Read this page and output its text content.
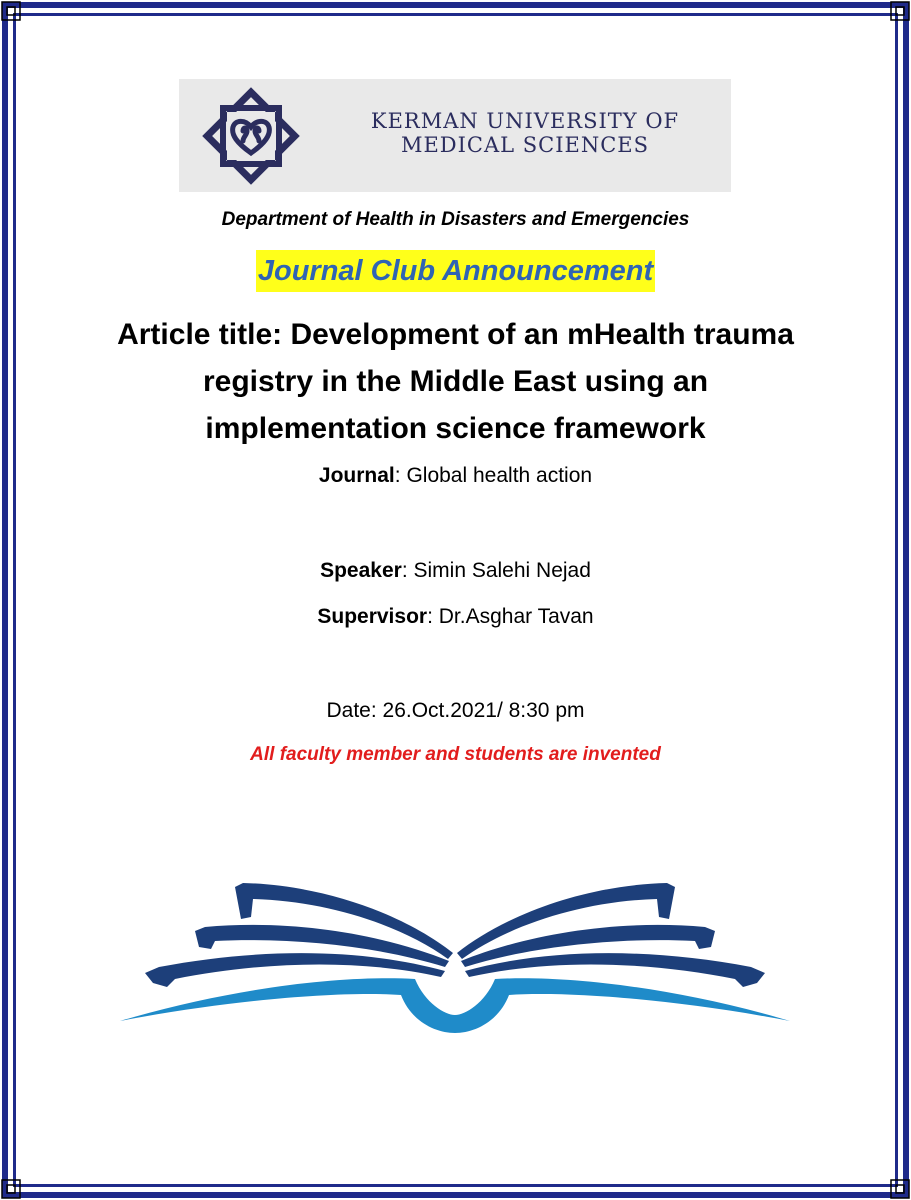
KERMAN UNIVERSITY OF
MEDICAL SCIENCES
Department of Health in Disasters and Emergencies
Journal Club Announcement
Article title: Development of an mHealth trauma
registry in the Middle East using an
implementation science framework
Journal: Global health action
Speaker: Simin Salehi Nejad
Supervisor: Dr.Asghar Tavan
Date: 26.Oct.2021/ 8:30 pm
All faculty member and students are invented
